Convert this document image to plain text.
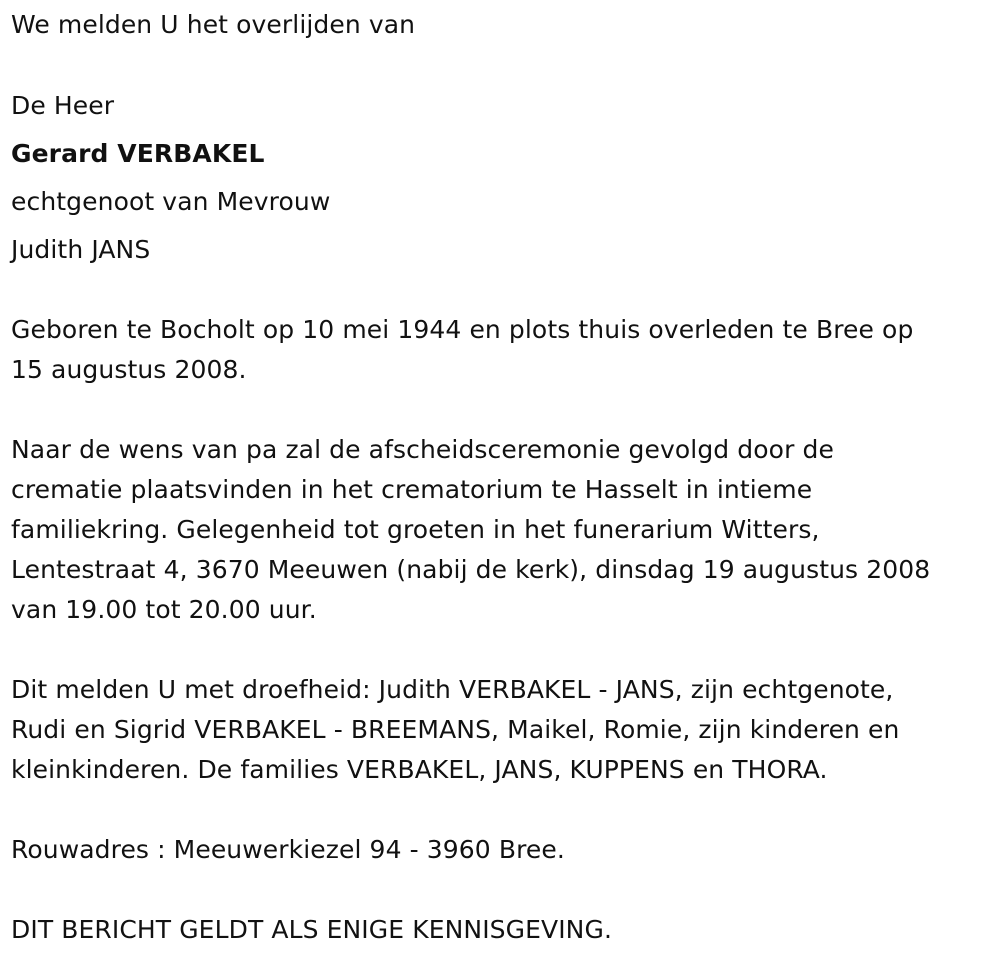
We melden U het overlijden van
De Heer
Gerard VERBAKEL
echtgenoot van Mevrouw
Judith JANS
Geboren te Bocholt op 10 mei 1944 en plots thuis overleden te Bree op
15 augustus 2008.
Naar de wens van pa zal de afscheidsceremonie gevolgd door de
crematie plaatsvinden in het crematorium te Hasselt in intieme
familiekring. Gelegenheid tot groeten in het funerarium Witters,
Lentestraat 4, 3670 Meeuwen (nabij de kerk), dinsdag 19 augustus 2008
van 19.00 tot 20.00 uur.
Dit melden U met droefheid: Judith VERBAKEL - JANS, zijn echtgenote,
Rudi en Sigrid VERBAKEL - BREEMANS, Maikel, Romie, zijn kinderen en
kleinkinderen. De families VERBAKEL, JANS, KUPPENS en THORA.
Rouwadres : Meeuwerkiezel 94 - 3960 Bree.
DIT BERICHT GELDT ALS ENIGE KENNISGEVING.
